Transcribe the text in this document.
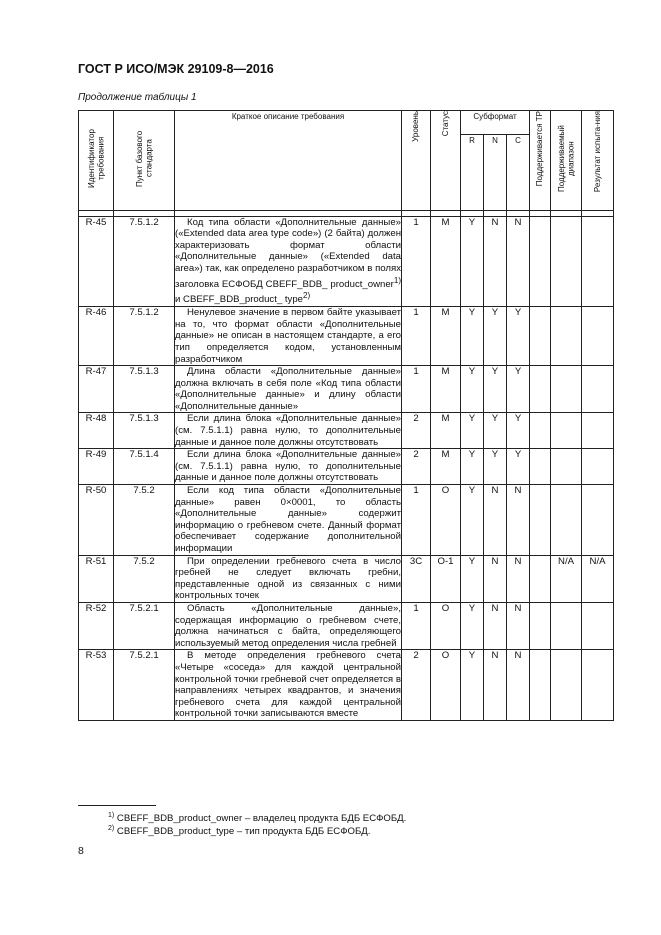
ГОСТ Р ИСО/МЭК 29109-8—2016
Продолжение таблицы 1
Идентификатор требования	Пункт базового стандарта	Краткое описание требования	Уровень	Статус	Субформат			Поддерживается ТР	Поддерживаемый диапазон	Результат испыта-ния
					R	N	C			

R-45	7.5.1.2	Код типа области «Дополнительные данные» («Extended data area type code») (2 байта) должен характеризовать формат области «Дополнительные данные» («Extended data area») так, как определено разработчиком в полях заголовка ЕСФОБД CBEFF_BDB_ product_owner$^{1)}$ и CBEFF_BDB_product_ type$^{2)}$	1	M	Y	N	N			
R-46	7.5.1.2	Ненулевое значение в первом байте указывает на то, что формат области «Дополнительные данные» не описан в настоящем стандарте, а его тип определяется кодом, установленным разработчиком	1	M	Y	Y	Y			
R-47	7.5.1.3	Длина области «Дополнительные данные» должна включать в себя поле «Код типа области «Дополнительные данные» и длину области «Дополнительные данные»	1	M	Y	Y	Y			
R-48	7.5.1.3	Если длина блока «Дополнительные данные» (см. 7.5.1.1) равна нулю, то дополнительные данные и данное поле должны отсутствовать	2	M	Y	Y	Y			
R-49	7.5.1.4	Если длина блока «Дополнительные данные» (см. 7.5.1.1) равна нулю, то дополнительные данные и данное поле должны отсутствовать	2	M	Y	Y	Y			
R-50	7.5.2	Если код типа области «Дополнительные данные» равен 0×0001, то область «Дополнительные данные» содержит информацию о гребневом счете. Данный формат обеспечивает содержание дополнительной информации	1	O	Y	N	N			
R-51	7.5.2	При определении гребневого счета в число гребней не следует включать гребни, представленные одной из связанных с ними контрольных точек	3C	O-1	Y	N	N		N/A	N/A
R-52	7.5.2.1	Область «Дополнительные данные», содержащая информацию о гребневом счете, должна начинаться с байта, определяющего используемый метод определения числа гребней	1	O	Y	N	N			
R-53	7.5.2.1	В методе определения гребневого счета «Четыре «соседа» для каждой центральной контрольной точки гребневой счет определяется в направлениях четырех квадрантов, и значения гребневого счета для каждой центральной контрольной точки записываются вместе	2	O	Y	N	N			
$^{1)}$ CBEFF_BDB_product_owner – владелец продукта БДБ ЕСФОБД.
$^{2)}$ CBEFF_BDB_product_type – тип продукта БДБ ЕСФОБД.
8
